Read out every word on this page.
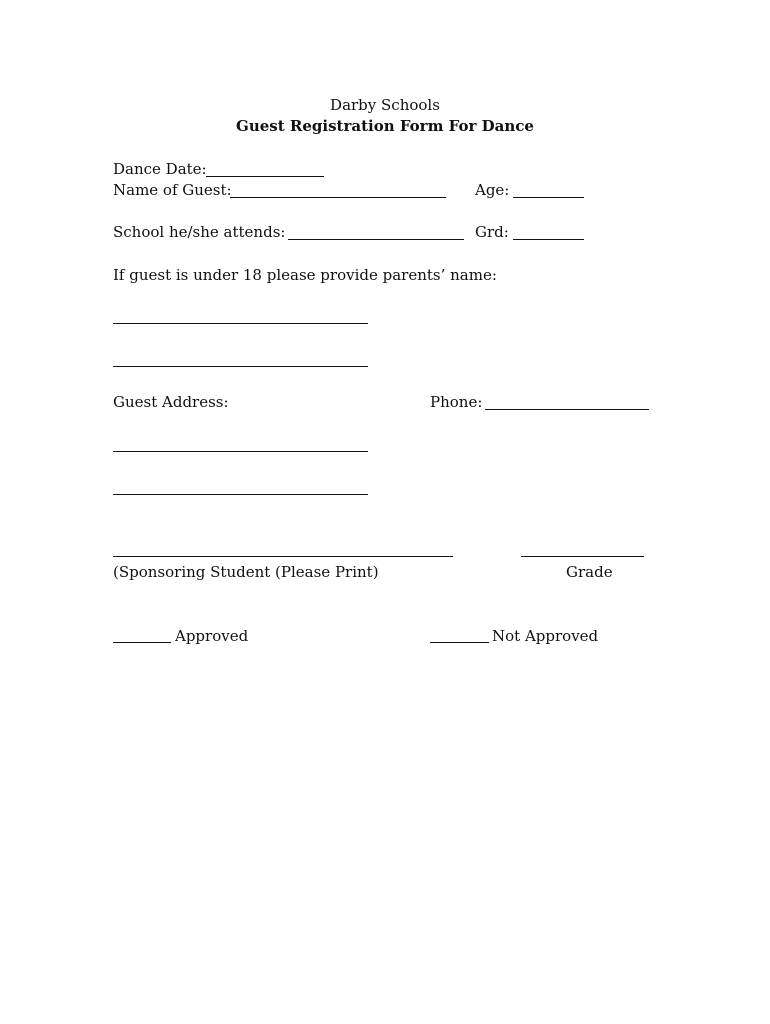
Darby Schools
Guest Registration Form For Dance
Dance Date:
Name of Guest:	Age:
School he/she attends:	Grd:
If guest is under 18 please provide parents’ name:
Guest Address:	Phone:
(Sponsoring Student (Please Print)	Grade
Approved	Not Approved
